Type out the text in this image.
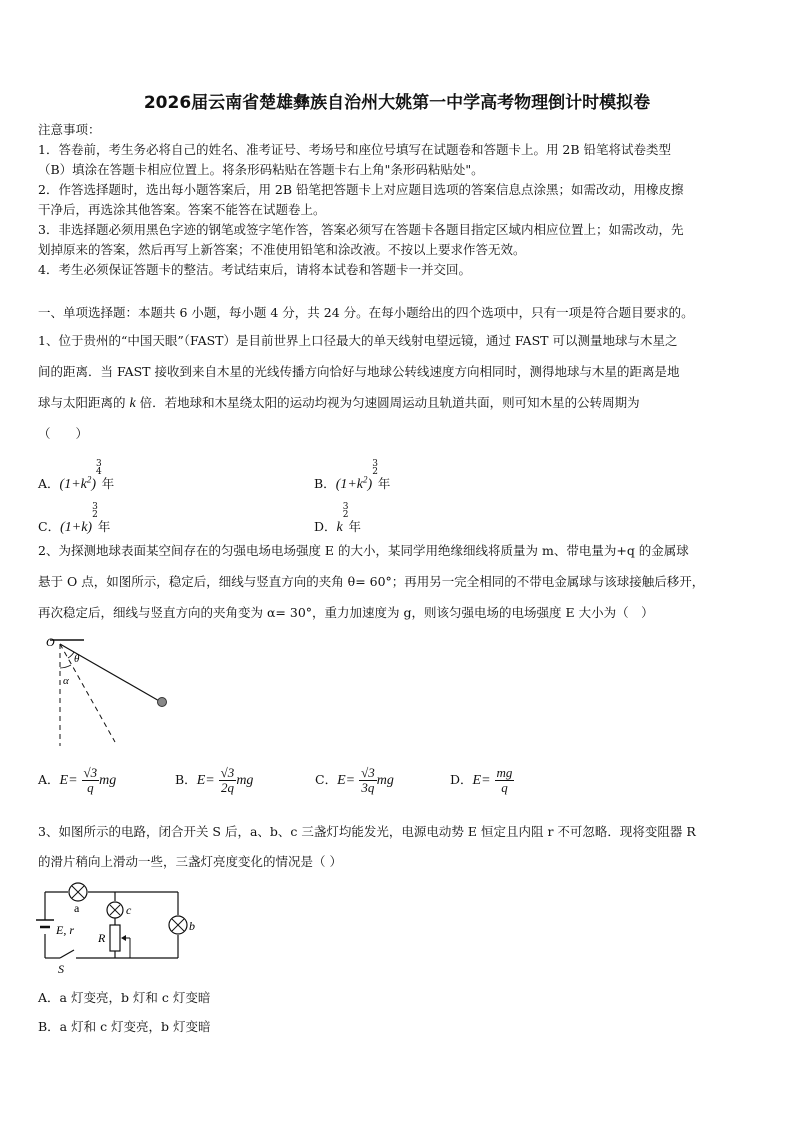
2026届云南省楚雄彝族自治州大姚第一中学高考物理倒计时模拟卷
注意事项：
1．答卷前，考生务必将自己的姓名、准考证号、考场号和座位号填写在试题卷和答题卡上。用 2B 铅笔将试卷类型
（B）填涂在答题卡相应位置上。将条形码粘贴在答题卡右上角"条形码粘贴处"。
2．作答选择题时，选出每小题答案后，用 2B 铅笔把答题卡上对应题目选项的答案信息点涂黑；如需改动，用橡皮擦
干净后，再选涂其他答案。答案不能答在试题卷上。
3．非选择题必须用黑色字迹的钢笔或签字笔作答，答案必须写在答题卡各题目指定区域内相应位置上；如需改动，先
划掉原来的答案，然后再写上新答案；不准使用铅笔和涂改液。不按以上要求作答无效。
4．考生必须保证答题卡的整洁。考试结束后，请将本试卷和答题卡一并交回。
一、单项选择题：本题共 6 小题，每小题 4 分，共 24 分。在每小题给出的四个选项中，只有一项是符合题目要求的。
1、位于贵州的“中国天眼”（FAST）是目前世界上口径最大的单天线射电望远镜，通过 FAST 可以测量地球与木星之
间的距离．当 FAST 接收到来自木星的光线传播方向恰好与地球公转线速度方向相同时，测得地球与木星的距离是地
球与太阳距离的 k 倍．若地球和木星绕太阳的运动均视为匀速圆周运动且轨道共面，则可知木星的公转周期为
（　　）
A．$(1+k^2)$
$^{3 4}$
年	B．$(1+k^2)$
$^{3 2}$
年
C．(1+k)
$^{3 2}$
年	D．k
$^{3 2}$
年
2、为探测地球表面某空间存在的匀强电场电场强度 E 的大小，某同学用绝缘细线将质量为 m、带电量为+q 的金属球
悬于 O 点，如图所示，稳定后，细线与竖直方向的夹角 θ= 60°；再用另一完全相同的不带电金属球与该球接触后移开，
再次稳定后，细线与竖直方向的夹角变为 α= 30°，重力加速度为 g，则该匀强电场的电场强度 E 大小为（　）
O
θ
α
A．$E= \frac{√3}{q}$ mg	B．$E= \frac{√3}{2q}$ mg	C．$E= \frac{√3}{3q}$ mg	D．$E= \frac{mg}{q}$
3、如图所示的电路，闭合开关 S 后，a、b、c 三盏灯均能发光，电源电动势 E 恒定且内阻 r 不可忽略．现将变阻器 R
的滑片稍向上滑动一些，三盏灯亮度变化的情况是（ ）
a	c
b
E, r
R
S
A．a 灯变亮，b 灯和 c 灯变暗
B．a 灯和 c 灯变亮，b 灯变暗
